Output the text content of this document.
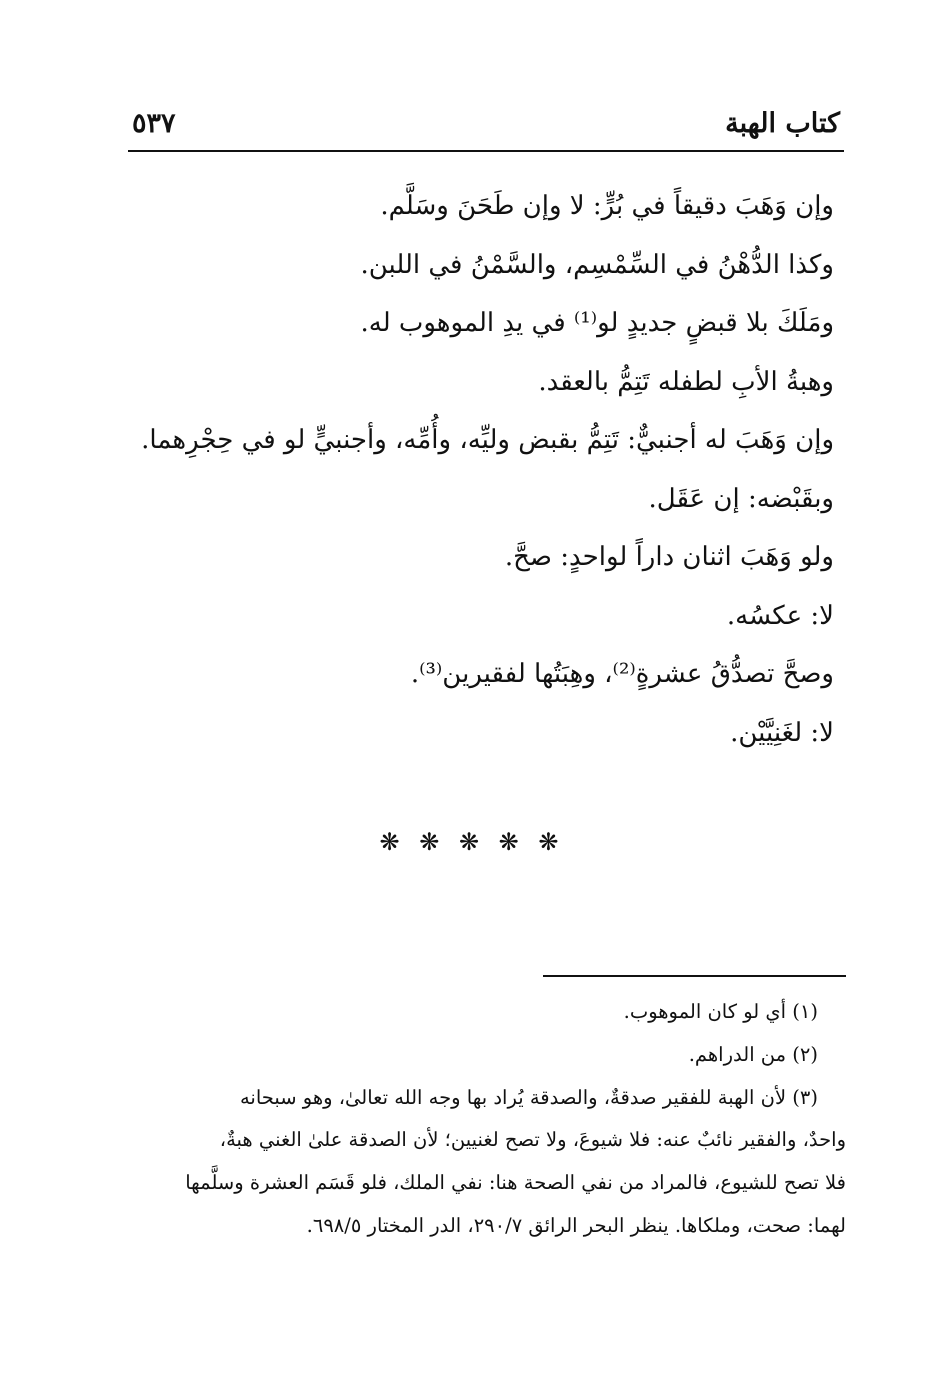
كتاب الهبة
٥٣٧
وإن وَهَبَ دقيقاً في بُرٍّ: لا وإن طَحَنَ وسَلَّم.
وكذا الدُّهْنُ في السِّمْسِم، والسَّمْنُ في اللبن.
ومَلَكَ بلا قبضٍ جديدٍ لو⁽¹⁾ في يدِ الموهوب له.
وهبةُ الأبِ لطفله تَتِمُّ بالعقد.
وإن وَهَبَ له أجنبيٌّ: تَتِمُّ بقبض وليِّه، وأُمِّه، وأجنبيٍّ لو في حِجْرِهما.
وبقَبْضه: إن عَقَل.
ولو وَهَبَ اثنان داراً لواحدٍ: صحَّ.
لا: عكسُه.
وصحَّ تصدُّقُ عشرةٍ⁽²⁾، وهِبَتُها لفقيرين⁽³⁾.
لا: لغَنِيَّيْن.
❋ ❋ ❋ ❋ ❋
(١) أي لو كان الموهوب.
(٢) من الدراهم.
(٣) لأن الهبة للفقير صدقةٌ، والصدقة يُراد بها وجه الله تعالىٰ، وهو سبحانه
واحدٌ، والفقير نائبٌ عنه: فلا شيوعَ، ولا تصح لغنيين؛ لأن الصدقة علىٰ الغني هبةٌ،
فلا تصح للشيوع، فالمراد من نفي الصحة هنا: نفي الملك، فلو قَسَم العشرة وسلَّمها
لهما: صحت، وملكاها. ينظر البحر الرائق ٢٩٠/٧، الدر المختار ٦٩٨/٥.
